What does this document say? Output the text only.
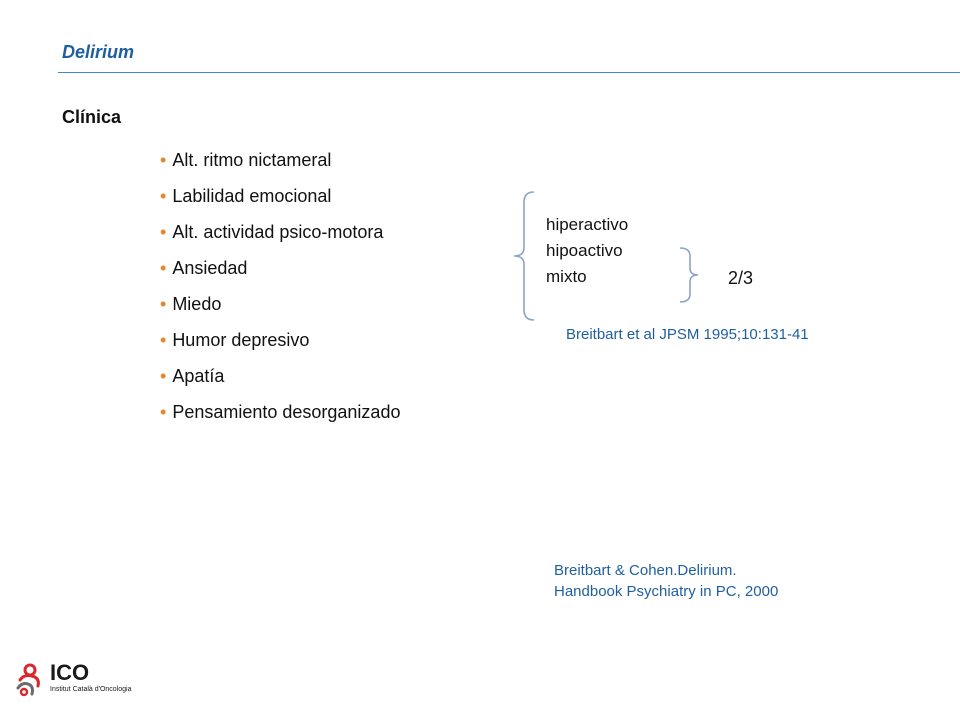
Delirium
Clínica
• Alt. ritmo nictameral
• Labilidad emocional
• Alt. actividad psico-motora
• Ansiedad
• Miedo
• Humor depresivo
• Apatía
• Pensamiento desorganizado
hiperactivo
hipoactivo
mixto	2/3
Breitbart et al JPSM 1995;10:131-41
Breitbart & Cohen.Delirium.
Handbook Psychiatry in PC, 2000
ICO
Institut Català d'Oncologia
